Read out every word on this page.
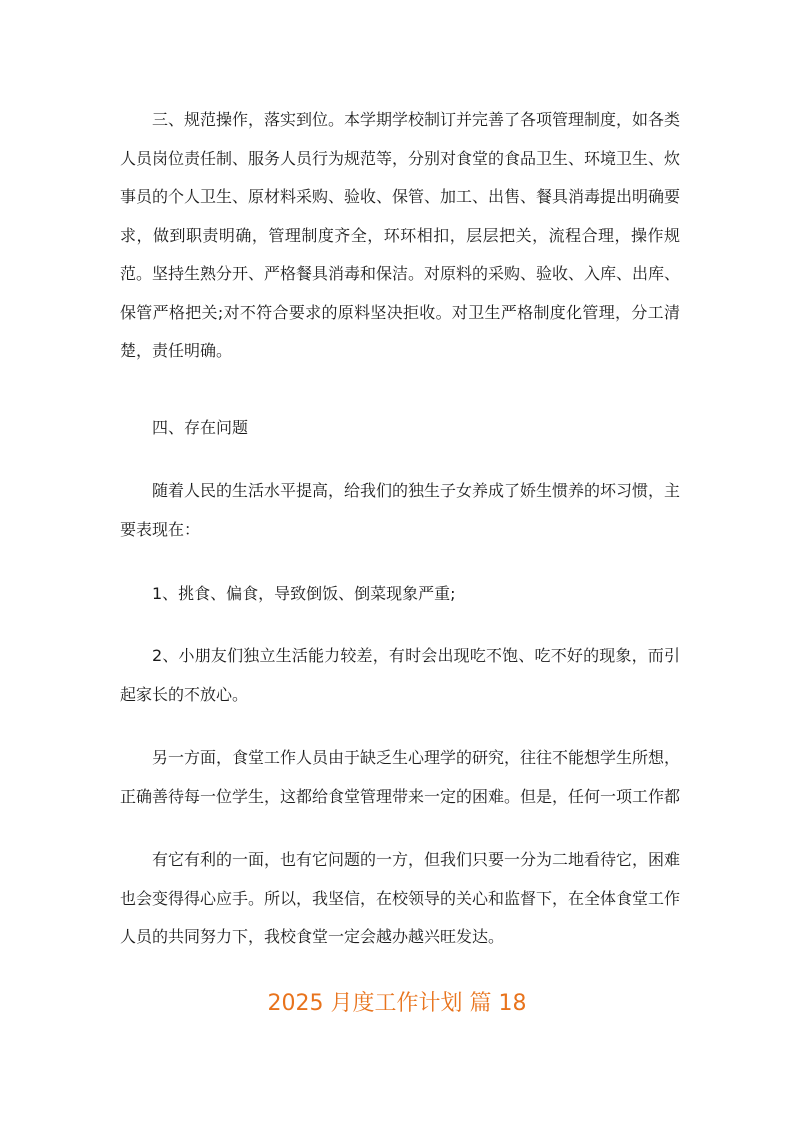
三、规范操作，落实到位。本学期学校制订并完善了各项管理制度，如各类人员岗位责任制、服务人员行为规范等，分别对食堂的食品卫生、环境卫生、炊事员的个人卫生、原材料采购、验收、保管、加工、出售、餐具消毒提出明确要求，做到职责明确，管理制度齐全，环环相扣，层层把关，流程合理，操作规范。坚持生熟分开、严格餐具消毒和保洁。对原料的采购、验收、入库、出库、保管严格把关;对不符合要求的原料坚决拒收。对卫生严格制度化管理，分工清楚，责任明确。

四、存在问题

随着人民的生活水平提高，给我们的独生子女养成了娇生惯养的坏习惯，主要表现在：

1、挑食、偏食，导致倒饭、倒菜现象严重;

2、小朋友们独立生活能力较差，有时会出现吃不饱、吃不好的现象，而引起家长的不放心。

另一方面，食堂工作人员由于缺乏生心理学的研究，往往不能想学生所想，正确善待每一位学生，这都给食堂管理带来一定的困难。但是，任何一项工作都

有它有利的一面，也有它问题的一方，但我们只要一分为二地看待它，困难也会变得得心应手。所以，我坚信，在校领导的关心和监督下，在全体食堂工作人员的共同努力下，我校食堂一定会越办越兴旺发达。

2025 月度工作计划 篇 18
